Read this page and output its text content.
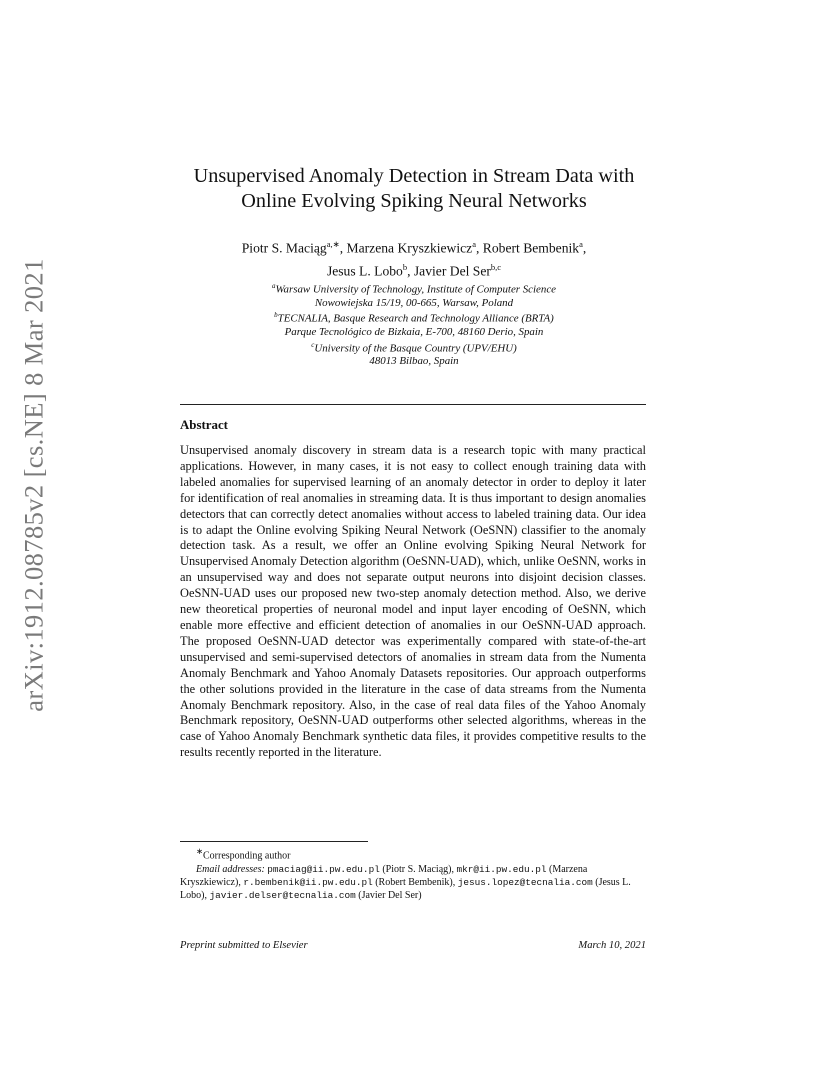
arXiv:1912.08785v2 [cs.NE] 8 Mar 2021
Unsupervised Anomaly Detection in Stream Data with
Online Evolving Spiking Neural Networks
Piotr S. Maciąg$^{a,∗}$, Marzena Kryszkiewicz$^a$, Robert Bembenik$^a$,
Jesus L. Lobo$^b$, Javier Del Ser$^{b,c}$
$^a$Warsaw University of Technology, Institute of Computer Science
Nowowiejska 15/19, 00-665, Warsaw, Poland
$^b$TECNALIA, Basque Research and Technology Alliance (BRTA)
Parque Tecnológico de Bizkaia, E-700, 48160 Derio, Spain
$^c$University of the Basque Country (UPV/EHU)
48013 Bilbao, Spain
Abstract
Unsupervised anomaly discovery in stream data is a research topic with many practical applications. However, in many cases, it is not easy to collect enough training data with labeled anomalies for supervised learning of an anomaly detector in order to deploy it later for identification of real anomalies in streaming data. It is thus important to design anomalies detectors that can correctly detect anomalies without access to labeled training data. Our idea is to adapt the Online evolving Spiking Neural Network (OeSNN) classifier to the anomaly detection task. As a result, we offer an Online evolving Spiking Neural Network for Unsupervised Anomaly Detection algorithm (OeSNN-UAD), which, unlike OeSNN, works in an unsupervised way and does not separate output neurons into disjoint decision classes. OeSNN-UAD uses our proposed new two-step anomaly detection method. Also, we derive new theoretical properties of neuronal model and input layer encoding of OeSNN, which enable more effective and efficient detection of anomalies in our OeSNN-UAD approach. The proposed OeSNN-UAD detector was experimentally compared with state-of-the-art unsupervised and semi-supervised detectors of anomalies in stream data from the Numenta Anomaly Benchmark and Yahoo Anomaly Datasets repositories. Our approach outperforms the other solutions provided in the literature in the case of data streams from the Numenta Anomaly Benchmark repository. Also, in the case of real data files of the Yahoo Anomaly Benchmark repository, OeSNN-UAD outperforms other selected algorithms, whereas in the case of Yahoo Anomaly Benchmark synthetic data files, it provides competitive results to the results recently reported in the literature.
∗Corresponding author
Email addresses: pmaciag@ii.pw.edu.pl (Piotr S. Maciąg), mkr@ii.pw.edu.pl (Marzena Kryszkiewicz), r.bembenik@ii.pw.edu.pl (Robert Bembenik), jesus.lopez@tecnalia.com (Jesus L. Lobo), javier.delser@tecnalia.com (Javier Del Ser)
Preprint submitted to Elsevier	March 10, 2021
